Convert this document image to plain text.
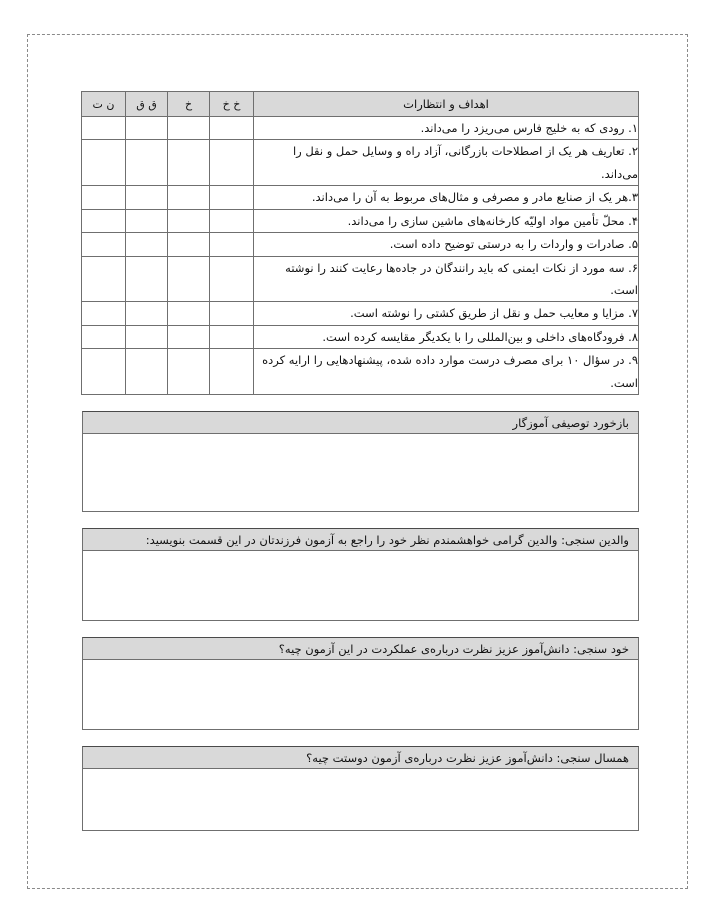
اهداف و انتظارات	خ خ	خ	ق ق	ن ت
۱. رودی که به خلیج فارس می‌ریزد را می‌داند.				
۲. تعاریف هر یک از اصطلاحات بازرگانی، آزاد راه و وسایل حمل و نقل را می‌داند.				
۳.هر یک از صنایع مادر و مصرفی و مثال‌های مربوط به آن را می‌داند.				
۴. محلّ تأمین مواد اولیّه کارخانه‌های ماشین سازی را می‌داند.				
۵. صادرات و واردات را به درستی توضیح داده است.				
۶. سه مورد از نکات ایمنی که باید رانندگان در جاده‌ها رعایت کنند را نوشته است.				
۷. مزایا و معایب حمل و نقل از طریق کشتی را نوشته است.				
۸. فرودگاه‌های داخلی و بین‌المللی را با یکدیگر مقایسه کرده است.				
۹. در سؤال ۱۰ برای مصرف درست موارد داده شده، پیشنهادهایی را ارایه کرده است.				
بازخورد توصیفی آموزگار
والدین سنجی: والدین گرامی خواهشمندم نظر خود را راجع به آزمون فرزندتان در این قسمت بنویسید:
خود سنجی: دانش‌آموز عزیز نظرت درباره‌ی عملکردت در این آزمون چیه؟
همسال سنجی: دانش‌آموز عزیز نظرت درباره‌ی آزمون دوستت چیه؟
